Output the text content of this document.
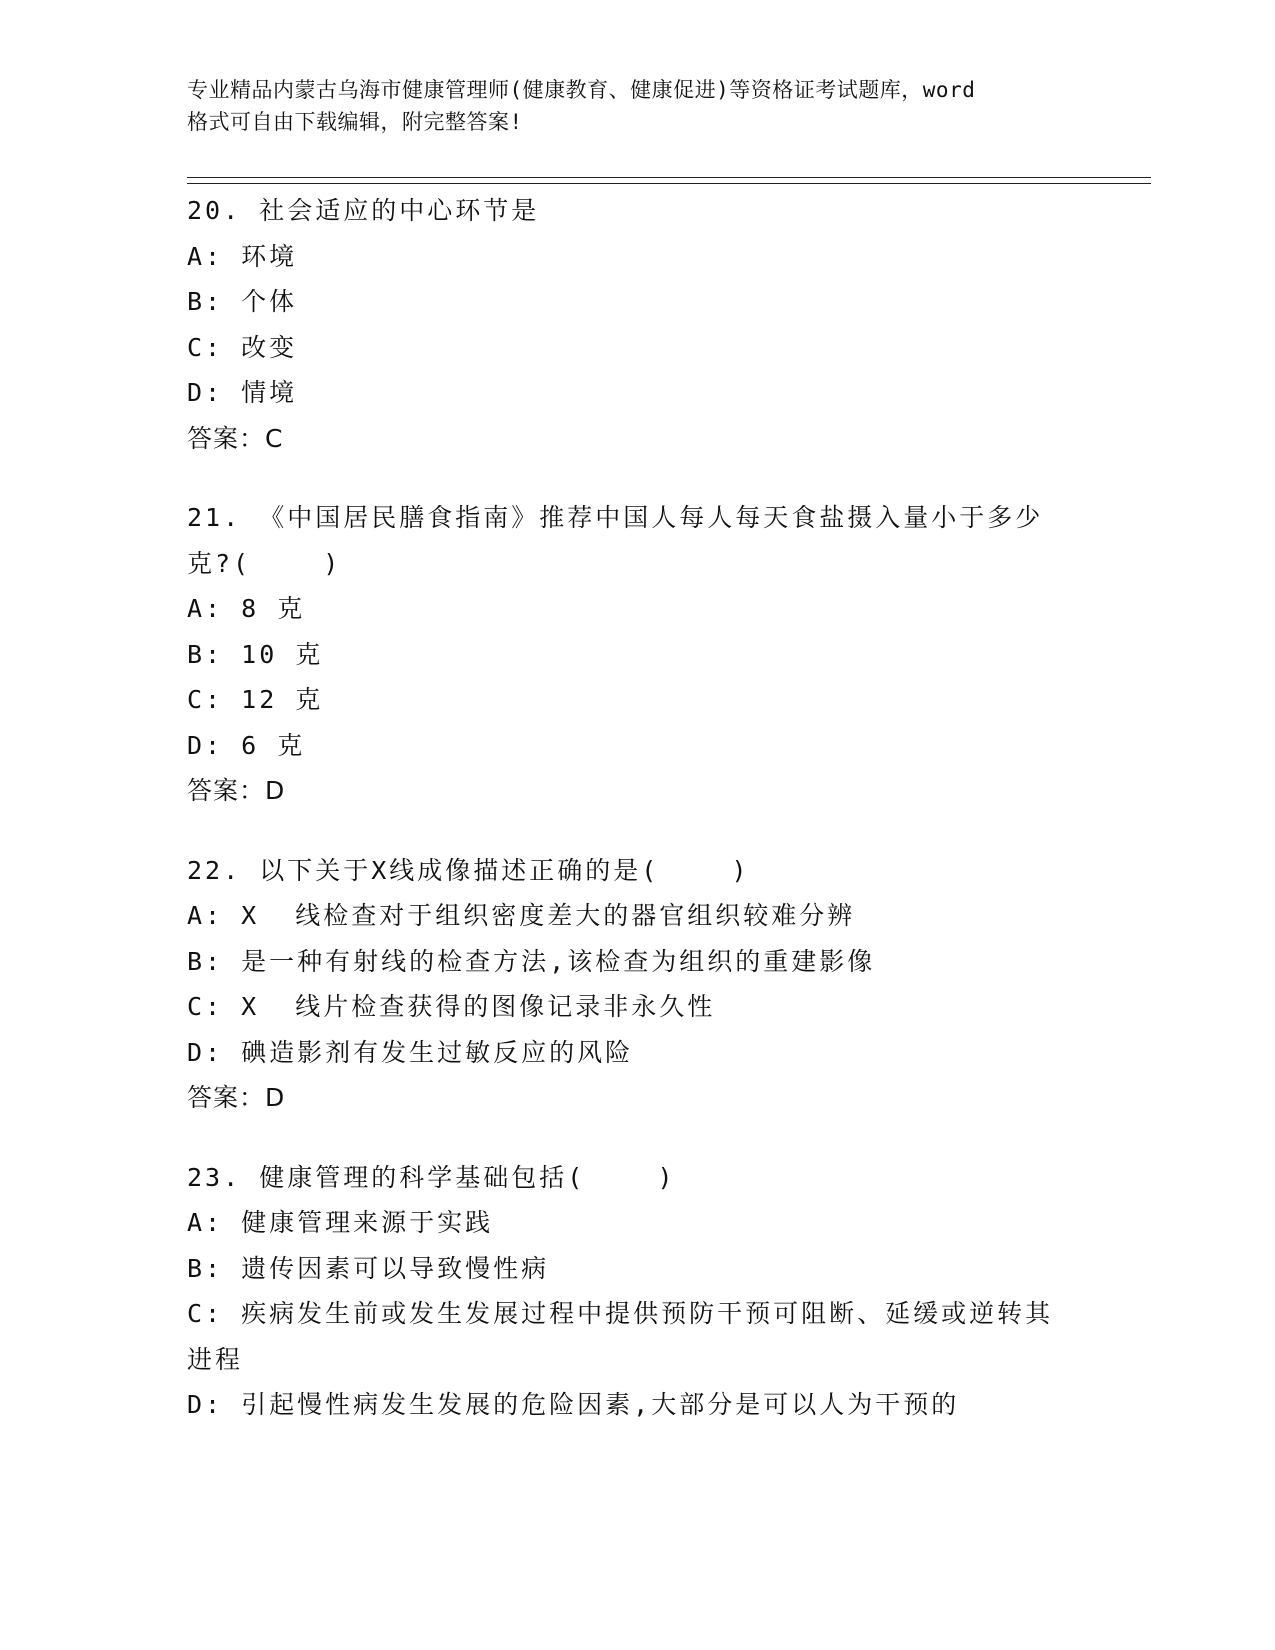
专业精品内蒙古乌海市健康管理师(健康教育、健康促进)等资格证考试题库，word
格式可自由下载编辑，附完整答案!
20. 社会适应的中心环节是
A: 环境
B: 个体
C: 改变
D: 情境
答案：C
21. 《中国居民膳食指南》推荐中国人每人每天食盐摄入量小于多少
克?(    )
A: 8 克
B: 10 克
C: 12 克
D: 6 克
答案：D
22. 以下关于X线成像描述正确的是(    )
A: X  线检查对于组织密度差大的器官组织较难分辨
B: 是一种有射线的检查方法,该检查为组织的重建影像
C: X  线片检查获得的图像记录非永久性
D: 碘造影剂有发生过敏反应的风险
答案：D
23. 健康管理的科学基础包括(    )
A: 健康管理来源于实践
B: 遗传因素可以导致慢性病
C: 疾病发生前或发生发展过程中提供预防干预可阻断、延缓或逆转其
进程
D: 引起慢性病发生发展的危险因素,大部分是可以人为干预的
